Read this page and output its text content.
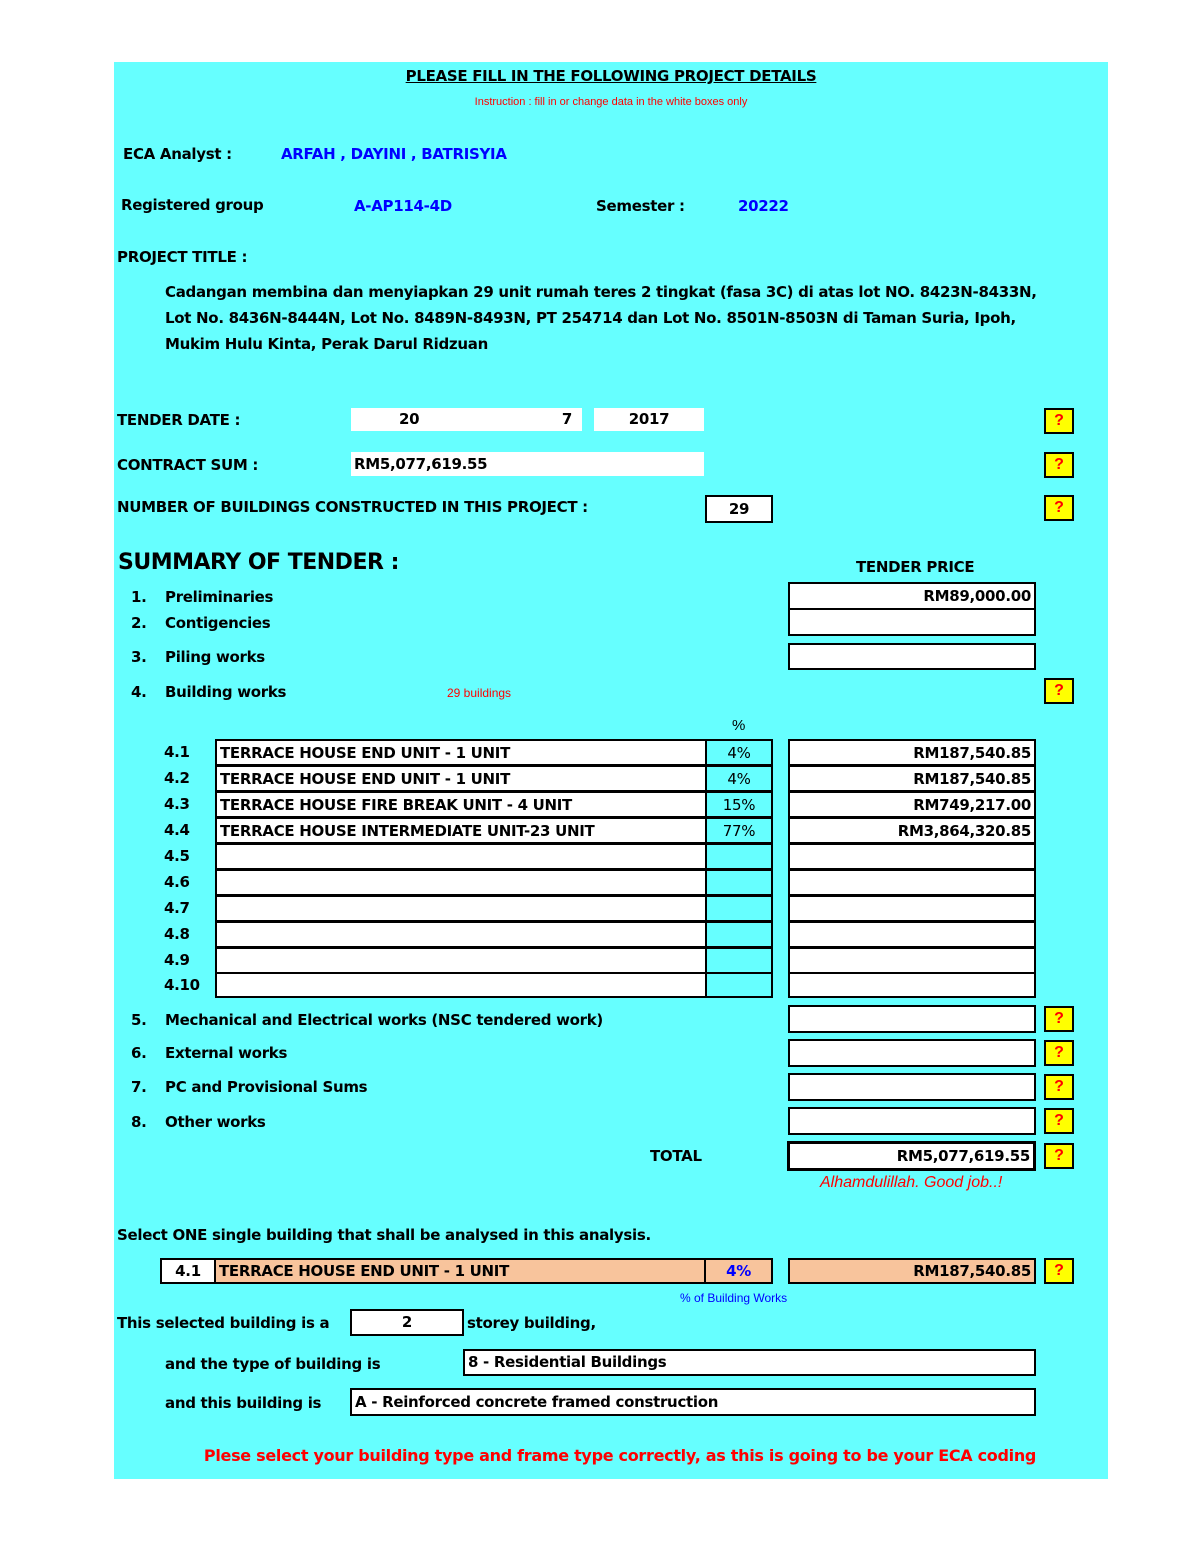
PLEASE FILL IN THE FOLLOWING PROJECT DETAILS
Instruction : fill in or change data in the white boxes only
ECA Analyst :	ARFAH , DAYINI , BATRISYIA
Registered group	A-AP114-4D	Semester :	20222
PROJECT TITLE :
Cadangan membina dan menyiapkan 29 unit rumah teres 2 tingkat (fasa 3C) di atas lot NO. 8423N-8433N,
Lot No. 8436N-8444N, Lot No. 8489N-8493N, PT 254714 dan Lot No. 8501N-8503N di Taman Suria, Ipoh,
Mukim Hulu Kinta, Perak Darul Ridzuan
TENDER DATE :	20	7	2017	?
CONTRACT SUM :	RM5,077,619.55	?
NUMBER OF BUILDINGS CONSTRUCTED IN THIS PROJECT :	29	?
SUMMARY OF TENDER :	TENDER PRICE
1. Preliminaries	RM89,000.00
2. Contigencies
3. Piling works
4. Building works	29 buildings	?
%
4.1	TERRACE HOUSE END UNIT - 1 UNIT	4%	RM187,540.85
4.2	TERRACE HOUSE END UNIT - 1 UNIT	4%	RM187,540.85
4.3	TERRACE HOUSE FIRE BREAK UNIT - 4 UNIT	15%	RM749,217.00
4.4	TERRACE HOUSE INTERMEDIATE UNIT-23 UNIT	77%	RM3,864,320.85
4.5
4.6
4.7
4.8
4.9
4.10
5. Mechanical and Electrical works (NSC tendered work)	?
6. External works	?
7. PC and Provisional Sums	?
8. Other works	?
TOTAL	RM5,077,619.55	?
Alhamdulillah. Good job..!
Select ONE single building that shall be analysed in this analysis.
4.1	TERRACE HOUSE END UNIT - 1 UNIT	4%	RM187,540.85	?
% of Building Works
This selected building is a	2	storey building,
and the type of building is	8 - Residential Buildings
and this building is	A - Reinforced concrete framed construction
Plese select your building type and frame type correctly, as this is going to be your ECA coding
